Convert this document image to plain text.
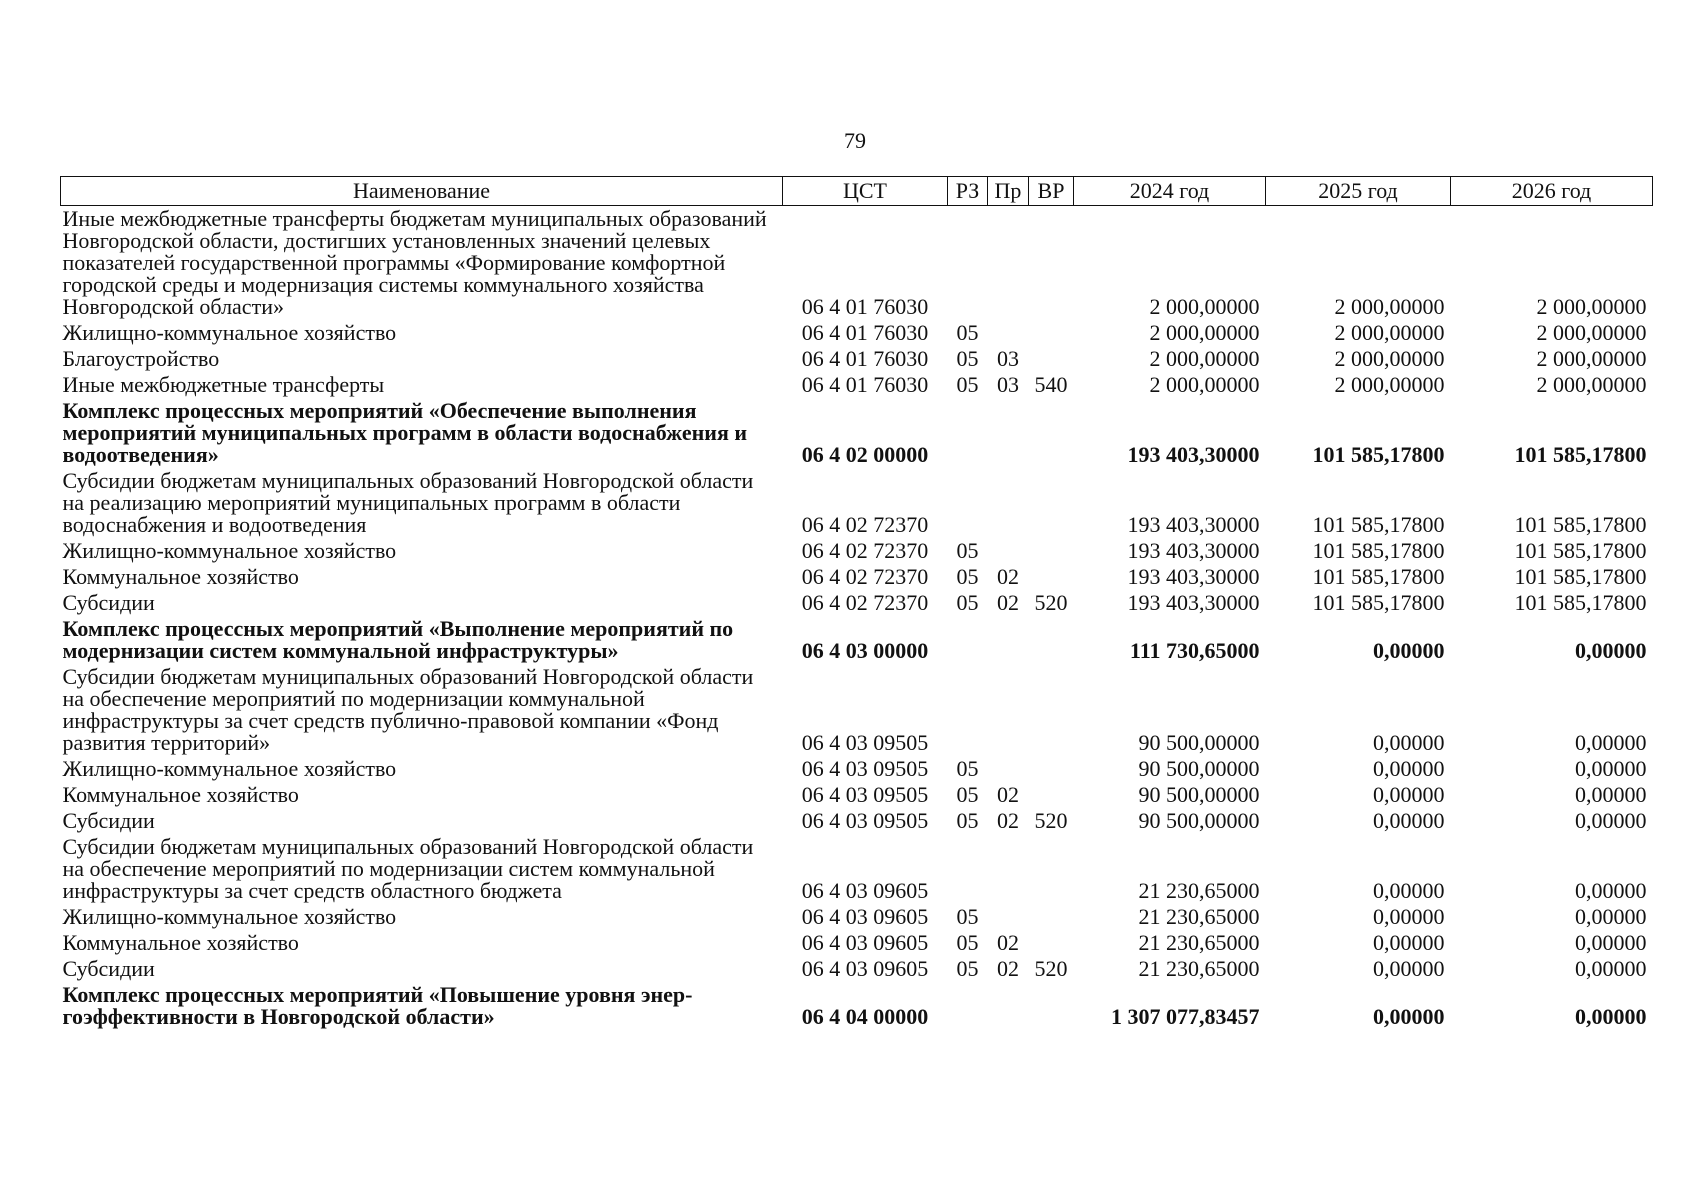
79
Наименование	ЦСТ	РЗ	Пр	ВР	2024 год	2025 год	2026 год
Иные межбюджетные трансферты бюджетам муниципальных образований Новгородской области, достигших установленных значений целевых показателей государственной программы «Формирование комфортной городской среды и модернизация системы коммунального хозяйства Новгородской области»	06 4 01 76030				2 000,00000	2 000,00000	2 000,00000
Жилищно-коммунальное хозяйство	06 4 01 76030	05			2 000,00000	2 000,00000	2 000,00000
Благоустройство	06 4 01 76030	05	03		2 000,00000	2 000,00000	2 000,00000
Иные межбюджетные трансферты	06 4 01 76030	05	03	540	2 000,00000	2 000,00000	2 000,00000
Комплекс процессных мероприятий «Обеспечение выполнения мероприятий муниципальных программ в области водоснабжения и водоотведения»	06 4 02 00000				193 403,30000	101 585,17800	101 585,17800
Субсидии бюджетам муниципальных образований Новгородской области на реализацию мероприятий муниципальных программ в области водоснабжения и водоотведения	06 4 02 72370				193 403,30000	101 585,17800	101 585,17800
Жилищно-коммунальное хозяйство	06 4 02 72370	05			193 403,30000	101 585,17800	101 585,17800
Коммунальное хозяйство	06 4 02 72370	05	02		193 403,30000	101 585,17800	101 585,17800
Субсидии	06 4 02 72370	05	02	520	193 403,30000	101 585,17800	101 585,17800
Комплекс процессных мероприятий «Выполнение мероприятий по модернизации систем коммунальной инфраструктуры»	06 4 03 00000				111 730,65000	0,00000	0,00000
Субсидии бюджетам муниципальных образований Новгородской области на обеспечение мероприятий по модернизации коммунальной инфраструктуры за счет средств публично-правовой компании «Фонд развития территорий»	06 4 03 09505				90 500,00000	0,00000	0,00000
Жилищно-коммунальное хозяйство	06 4 03 09505	05			90 500,00000	0,00000	0,00000
Коммунальное хозяйство	06 4 03 09505	05	02		90 500,00000	0,00000	0,00000
Субсидии	06 4 03 09505	05	02	520	90 500,00000	0,00000	0,00000
Субсидии бюджетам муниципальных образований Новгородской области на обеспечение мероприятий по модернизации систем коммунальной инфраструктуры за счет средств областного бюджета	06 4 03 09605				21 230,65000	0,00000	0,00000
Жилищно-коммунальное хозяйство	06 4 03 09605	05			21 230,65000	0,00000	0,00000
Коммунальное хозяйство	06 4 03 09605	05	02		21 230,65000	0,00000	0,00000
Субсидии	06 4 03 09605	05	02	520	21 230,65000	0,00000	0,00000
Комплекс процессных мероприятий «Повышение уровня энергоэффективности в Новгородской области»	06 4 04 00000				1 307 077,83457	0,00000	0,00000
